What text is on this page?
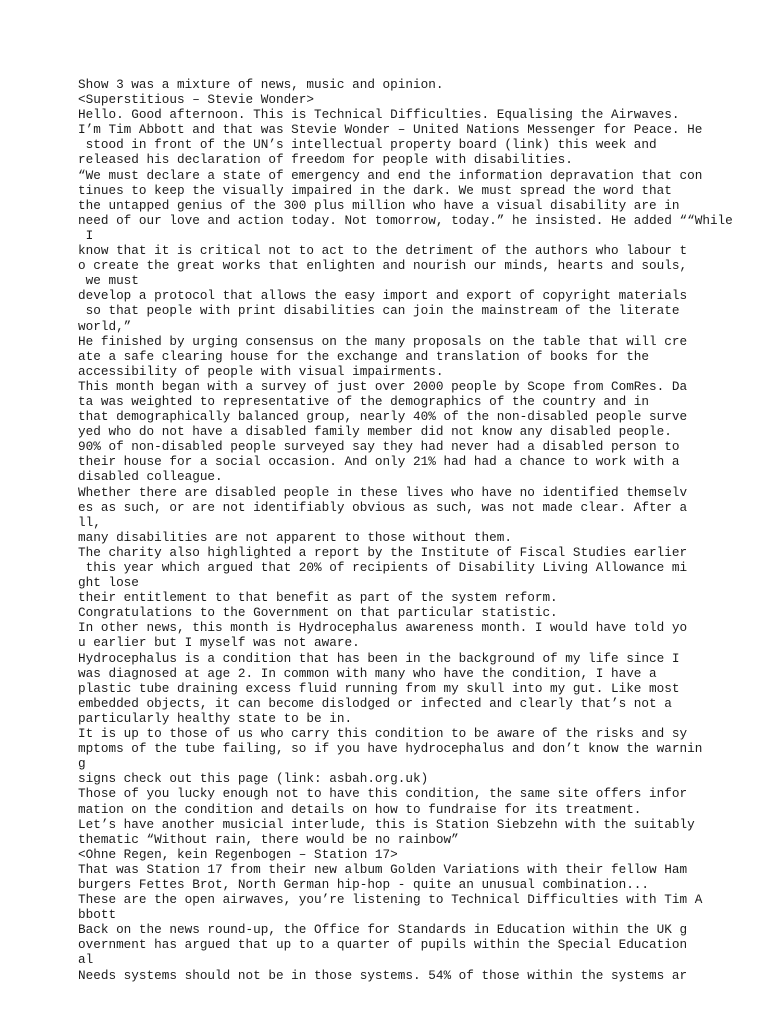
Show 3 was a mixture of news, music and opinion.
<Superstitious – Stevie Wonder>
Hello. Good afternoon. This is Technical Difficulties. Equalising the Airwaves.
I’m Tim Abbott and that was Stevie Wonder – United Nations Messenger for Peace. He
stood in front of the UN’s intellectual property board (link) this week and
released his declaration of freedom for people with disabilities.
“We must declare a state of emergency and end the information depravation that con
tinues to keep the visually impaired in the dark. We must spread the word that
the untapped genius of the 300 plus million who have a visual disability are in
need of our love and action today. Not tomorrow, today.” he insisted. He added ““While
I
know that it is critical not to act to the detriment of the authors who labour t
o create the great works that enlighten and nourish our minds, hearts and souls,
we must
develop a protocol that allows the easy import and export of copyright materials
so that people with print disabilities can join the mainstream of the literate
world,”
He finished by urging consensus on the many proposals on the table that will cre
ate a safe clearing house for the exchange and translation of books for the
accessibility of people with visual impairments.
This month began with a survey of just over 2000 people by Scope from ComRes. Da
ta was weighted to representative of the demographics of the country and in
that demographically balanced group, nearly 40% of the non-disabled people surve
yed who do not have a disabled family member did not know any disabled people.
90% of non-disabled people surveyed say they had never had a disabled person to
their house for a social occasion. And only 21% had had a chance to work with a
disabled colleague.
Whether there are disabled people in these lives who have no identified themselv
es as such, or are not identifiably obvious as such, was not made clear. After a
ll,
many disabilities are not apparent to those without them.
The charity also highlighted a report by the Institute of Fiscal Studies earlier
this year which argued that 20% of recipients of Disability Living Allowance mi
ght lose
their entitlement to that benefit as part of the system reform.
Congratulations to the Government on that particular statistic.
In other news, this month is Hydrocephalus awareness month. I would have told yo
u earlier but I myself was not aware.
Hydrocephalus is a condition that has been in the background of my life since I
was diagnosed at age 2. In common with many who have the condition, I have a
plastic tube draining excess fluid running from my skull into my gut. Like most
embedded objects, it can become dislodged or infected and clearly that’s not a
particularly healthy state to be in.
It is up to those of us who carry this condition to be aware of the risks and sy
mptoms of the tube failing, so if you have hydrocephalus and don’t know the warnin
g
signs check out this page (link: asbah.org.uk)
Those of you lucky enough not to have this condition, the same site offers infor
mation on the condition and details on how to fundraise for its treatment.
Let’s have another musicial interlude, this is Station Siebzehn with the suitably
thematic “Without rain, there would be no rainbow”
<Ohne Regen, kein Regenbogen – Station 17>
That was Station 17 from their new album Golden Variations with their fellow Ham
burgers Fettes Brot, North German hip-hop - quite an unusual combination...
These are the open airwaves, you’re listening to Technical Difficulties with Tim A
bbott
Back on the news round-up, the Office for Standards in Education within the UK g
overnment has argued that up to a quarter of pupils within the Special Education
al
Needs systems should not be in those systems. 54% of those within the systems ar
